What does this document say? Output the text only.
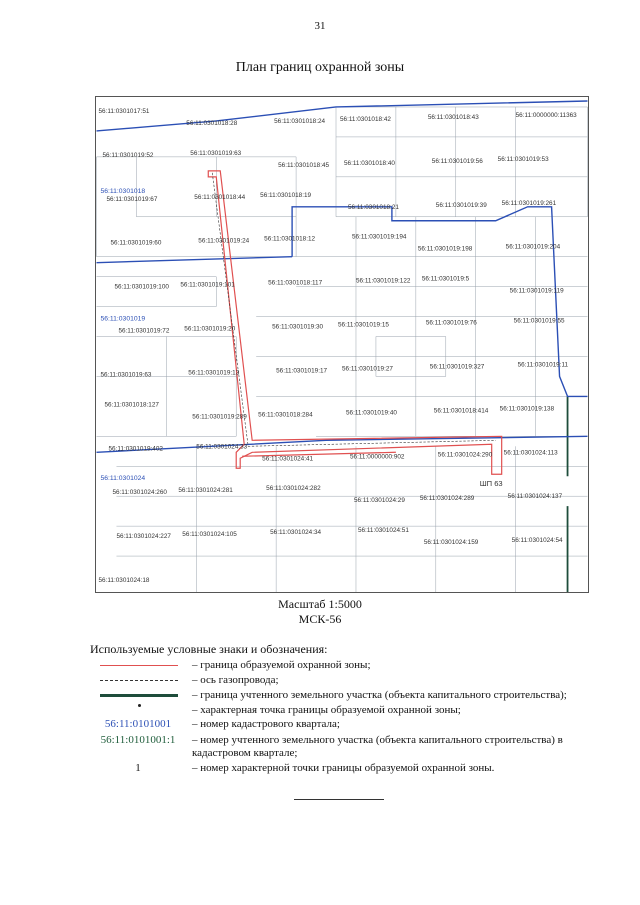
31
План границ охранной зоны
56:11:0301017:51
56:11:0301018:28	56:11:0301018:24	56:11:0301018:42	56:11:0301018:43	56:11:0000000:11363
56:11:0301019:52	56:11:0301019:63
56:11:0301018:45	56:11:0301018:40	56:11:0301019:56	56:11:0301019:53
56:11:0301019:67	56:11:0301018:44	56:11:0301018:19
56:11:0301018:21	56:11:0301019:39	56:11:0301019:261
56:11:0301019:60	56:11:0301019:24	56:11:0301018:12	56:11:0301019:194
56:11:0301019:198	56:11:0301019:204
56:11:0301019:100	56:11:0301019:101	56:11:0301018:117	56:11:0301019:122	56:11:0301019:5
56:11:0301019:119
56:11:0301019:72	56:11:0301019:20	56:11:0301019:30	56:11:0301019:15	56:11:0301019:76	56:11:0301019:55
56:11:0301019:63	56:11:0301019:13	56:11:0301019:17	56:11:0301019:27	56:11:0301019:327	56:11:0301019:11
56:11:0301018:127
56:11:0301019:289	56:11:0301018:284	56:11:0301019:40	56:11:0301018:414	56:11:0301019:138
56:11:0301019:402	56:11:0301024:33
56:11:0301024:41	56:11:0000000:902	56:11:0301024:290	56:11:0301024:113
56:11:0301024:260	56:11:0301024:281	56:11:0301024:282
56:11:0301024:29	56:11:0301024:289	56:11:0301024:137
56:11:0301024:227	56:11:0301024:105	56:11:0301024:34	56:11:0301024:51
56:11:0301024:159	56:11:0301024:54
56:11:0301024:18
56:11:0301018
56:11:0301019
56:11:0301024
ШП 63
Масштаб 1:5000
МСК-56
Используемые условные знаки и обозначения:
– граница образуемой охранной зоны;
– ось газопровода;
– граница учтенного земельного участка (объекта капитального строительства);
– характерная точка границы образуемой охранной зоны;
56:11:0101001	– номер кадастрового квартала;
56:11:0101001:1	– номер учтенного земельного участка (объекта капитального строительства) в кадастровом квартале;
1	– номер характерной точки границы образуемой охранной зоны.
